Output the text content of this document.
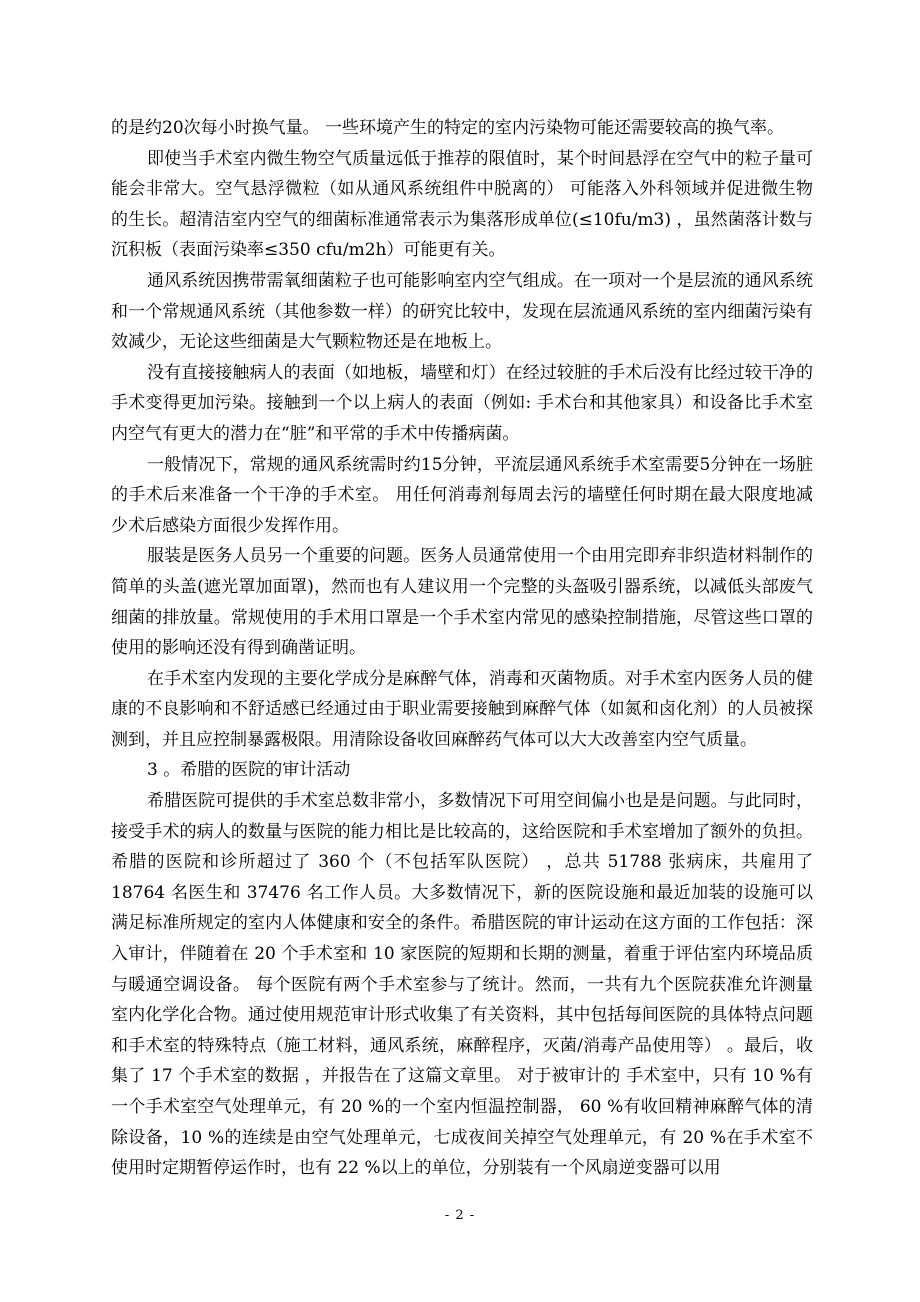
的是约20次每小时换气量。 一些环境产生的特定的室内污染物可能还需要较高的换气率。

即使当手术室内微生物空气质量远低于推荐的限值时，某个时间悬浮在空气中的粒子量可能会非常大。空气悬浮微粒（如从通风系统组件中脱离的） 可能落入外科领域并促进微生物的生长。超清洁室内空气的细菌标准通常表示为集落形成单位(≤10fu/m3) ，虽然菌落计数与沉积板（表面污染率≤350 cfu/m2h）可能更有关。

通风系统因携带需氧细菌粒子也可能影响室内空气组成。在一项对一个是层流的通风系统和一个常规通风系统（其他参数一样）的研究比较中，发现在层流通风系统的室内细菌污染有效减少，无论这些细菌是大气颗粒物还是在地板上。

没有直接接触病人的表面（如地板，墙壁和灯）在经过较脏的手术后没有比经过较干净的手术变得更加污染。接触到一个以上病人的表面（例如: 手术台和其他家具）和设备比手术室内空气有更大的潜力在“脏”和平常的手术中传播病菌。

一般情况下，常规的通风系统需时约15分钟，平流层通风系统手术室需要5分钟在一场脏的手术后来准备一个干净的手术室。 用任何消毒剂每周去污的墙壁任何时期在最大限度地减少术后感染方面很少发挥作用。

服装是医务人员另一个重要的问题。医务人员通常使用一个由用完即弃非织造材料制作的简单的头盖(遮光罩加面罩)，然而也有人建议用一个完整的头盔吸引器系统，以减低头部废气细菌的排放量。常规使用的手术用口罩是一个手术室内常见的感染控制措施，尽管这些口罩的使用的影响还没有得到确凿证明。

在手术室内发现的主要化学成分是麻醉气体，消毒和灭菌物质。对手术室内医务人员的健康的不良影响和不舒适感已经通过由于职业需要接触到麻醉气体（如氮和卤化剂）的人员被探测到，并且应控制暴露极限。用清除设备收回麻醉药气体可以大大改善室内空气质量。

3 。希腊的医院的审计活动

希腊医院可提供的手术室总数非常小，多数情况下可用空间偏小也是是问题。与此同时，接受手术的病人的数量与医院的能力相比是比较高的，这给医院和手术室增加了额外的负担。希腊的医院和诊所超过了 360 个（不包括军队医院） ，总共 51788 张病床，共雇用了 18764 名医生和 37476 名工作人员。大多数情况下，新的医院设施和最近加装的设施可以满足标准所规定的室内人体健康和安全的条件。希腊医院的审计运动在这方面的工作包括：深入审计，伴随着在 20 个手术室和 10 家医院的短期和长期的测量，着重于评估室内环境品质与暖通空调设备。 每个医院有两个手术室参与了统计。然而，一共有九个医院获准允许测量室内化学化合物。通过使用规范审计形式收集了有关资料，其中包括每间医院的具体特点问题和手术室的特殊特点（施工材料，通风系统，麻醉程序，灭菌/消毒产品使用等） 。最后，收集了 17 个手术室的数据 ，并报告在了这篇文章里。 对于被审计的 手术室中，只有 10 %有一个手术室空气处理单元，有 20 %的一个室内恒温控制器， 60 %有收回精神麻醉气体的清除设备，10 %的连续是由空气处理单元，七成夜间关掉空气处理单元，有 20 %在手术室不使用时定期暂停运作时，也有 22 %以上的单位，分别装有一个风扇逆变器可以用

- 2 -
